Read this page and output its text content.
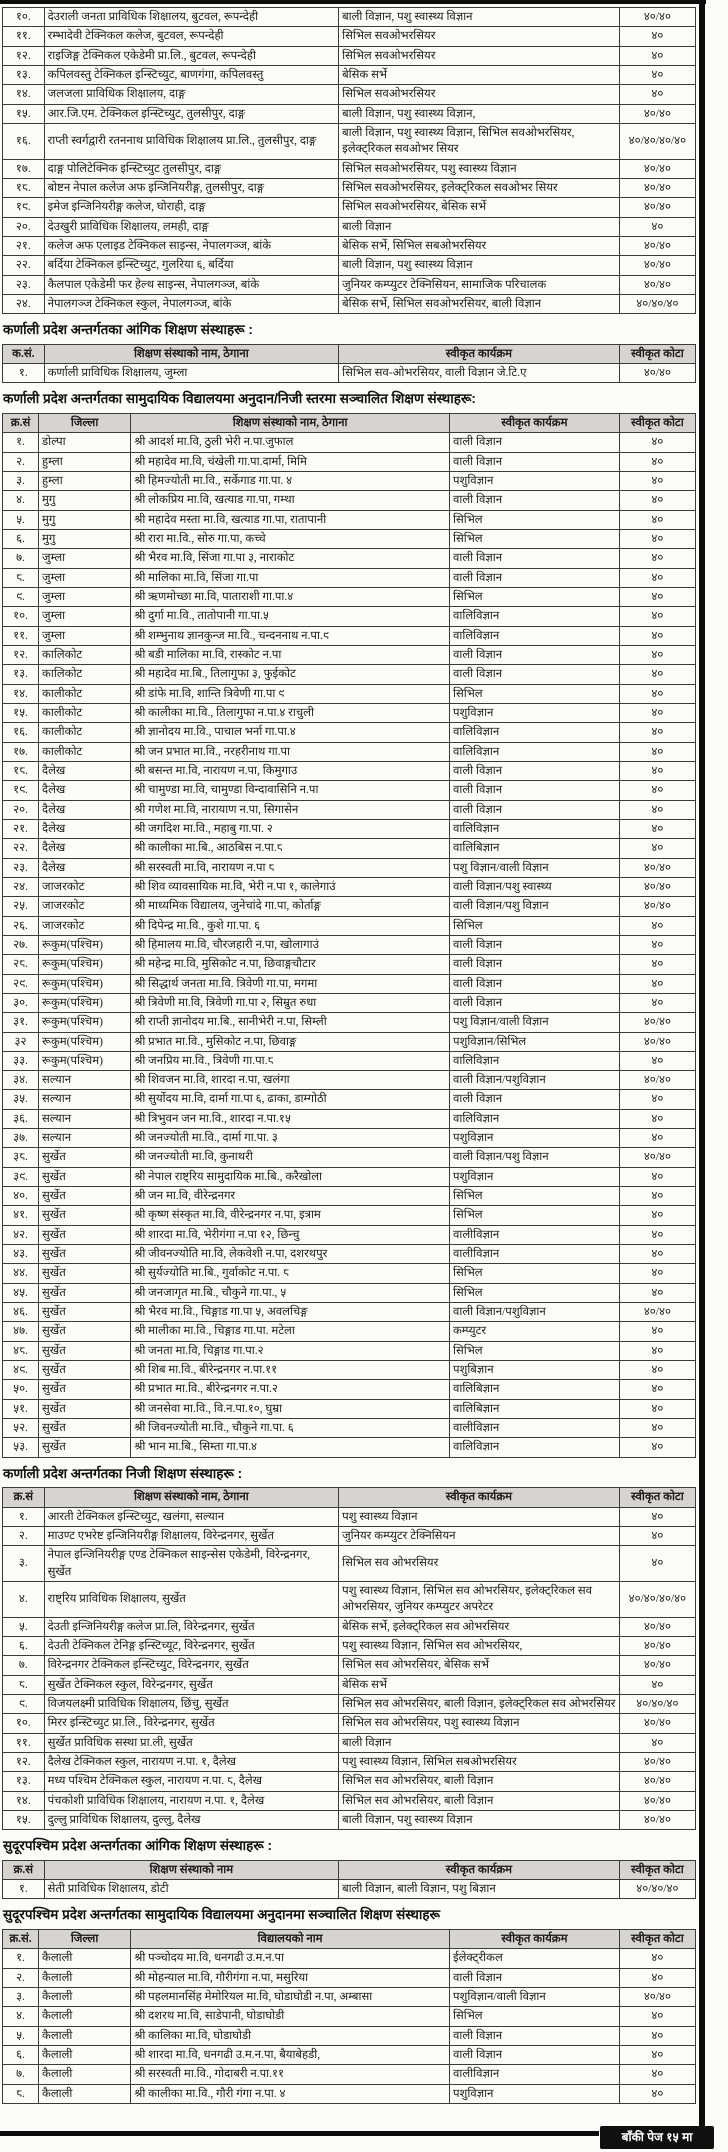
१०.	देउराली जनता प्राविधिक शिक्षालय, बुटवल, रूपन्देही	बाली विज्ञान, पशु स्वास्थ्य विज्ञान	४०/४०
११.	रम्भादेवी टेक्निकल कलेज, बुटवल, रूपन्देही	सिभिल सवओभरसियर	४०
१२.	राइजिङ्ग टेक्निकल एकेडेमी प्रा.लि., बुटवल, रूपन्देही	सिभिल सवओभरसियर	४०
१३.	कपिलवस्तु टेक्निकल इन्स्टिच्युट, बाणगंगा, कपिलवस्तु	बेसिक सर्भे	४०
१४.	जलजला प्राविधिक शिक्षालय, दाङ्ग	सिभिल सवओभरसियर	४०
१५.	आर.जि.एम. टेक्निकल इन्स्टिच्युट, तुलसीपुर, दाङ्ग	बाली विज्ञान, पशु स्वास्थ्य विज्ञान,	४०/४०
१६.	राप्ती स्वर्गद्वारी रतननाथ प्राविधिक शिक्षालय प्रा.लि., तुलसीपुर, दाङ्ग	बाली विज्ञान, पशु स्वास्थ्य विज्ञान, सिभिल सवओभरसियर, इलेक्ट्रिकल सवओभर सियर	४०/४०/४०/४०
१७.	दाङ्ग पोलिटेक्निक इन्स्टिच्युट तुलसीपुर, दाङ्ग	सिभिल सवओभरसियर, पशु स्वास्थ्य विज्ञान	४०/४०
१८.	बोष्टन नेपाल कलेज अफ इन्जिनियरीङ्ग, तुलसीपुर, दाङ्ग	सिभिल सवओभरसियर, इलेक्ट्रिकल सवओभर सियर	४०/४०
१९.	इमेज इन्जिनियरीङ्ग कलेज, घोराही, दाङ्ग	सिभिल सवओभरसियर, बेसिक सर्भे	४०/४०
२०.	देउखुरी प्राविधिक शिक्षालय, लमही, दाङ्ग	बाली विज्ञान	४०
२१.	कलेज अफ एलाइड टेक्निकल साइन्स, नेपालगञ्ज, बांके	बेसिक सर्भे, सिभिल सबओभरसियर	४०/४०
२२.	बर्दिया टेक्निकल इन्स्टिच्युट, गुलरिया ६, बर्दिया	बाली विज्ञान, पशु स्वास्थ्य विज्ञान	४०/४०
२३.	कैलपाल एकेडेमी फर हेल्थ साइन्स, नेपालगञ्ज, बांके	जुनियर कम्प्युटर टेक्निसियन, सामाजिक परिचालक	४०/४०
२४.	नेपालगञ्ज टेक्निकल स्कुल, नेपालगञ्ज, बांके	बेसिक सर्भे, सिभिल सवओभरसियर, बाली विज्ञान	४०/४०/४०
कर्णाली प्रदेश अन्तर्गतका आंगिक शिक्षण संस्थाहरू :
क.सं.	शिक्षण संस्थाको नाम, ठेगाना	स्वीकृत कार्यक्रम	स्वीकृत कोटा
१.	कर्णाली प्राविधिक शिक्षालय, जुम्ला	सिभिल सव-ओभरसियर, वाली विज्ञान जे.टि.ए	४०/४०
कर्णाली प्रदेश अन्तर्गतका सामुदायिक विद्यालयमा अनुदान/निजी स्तरमा सञ्चालित शिक्षण संस्थाहरू:
क्र.सं	जिल्ला	शिक्षण संस्थाको नाम, ठेगाना	स्वीकृत कार्यक्रम	स्वीकृत कोटा
१.	डोल्पा	श्री आदर्श मा.वि, ठुली भेरी न.पा.जुफाल	वाली विज्ञान	४०
२.	हुम्ला	श्री महादेव मा.वि, चंखेली गा.पा.दार्मा, मिमि	वाली विज्ञान	४०
३.	हुम्ला	श्री हिमज्योती मा.वि., सर्केगाड गा.पा. ४	पशुविज्ञान	४०
४.	मुगु	श्री लोकप्रिय मा.वि, खत्याड गा.पा, गम्था	वाली विज्ञान	४०
५.	मुगु	श्री महादेव मस्ता मा.वि, खत्याड गा.पा, रातापानी	सिभिल	४०
६.	मुगु	श्री रारा मा.वि., सोरु गा.पा, कच्चे	सिभिल	४०
७.	जुम्ला	श्री भैरव मा.वि, सिंजा गा.पा ३, नाराकोट	वाली विज्ञान	४०
८.	जुम्ला	श्री मालिका मा.वि, सिंजा गा.पा	वाली विज्ञान	४०
९.	जुम्ला	श्री ऋणमोच्छा मा.वि, पाताराशी गा.पा.४	सिभिल	४०
१०.	जुम्ला	श्री दुर्गा मा.वि., तातोपानी गा.पा.५	वालिविज्ञान	४०
११.	जुम्ला	श्री शम्भुनाथ ज्ञानकुन्ज मा.वि., चन्दननाथ न.पा.९	वालिविज्ञान	४०
१२.	कालिकोट	श्री बडी मालिका मा.वि, रास्कोट न.पा	वाली विज्ञान	४०
१३.	कालिकोट	श्री महादेव मा.बि., तिलागुफा ३, फुईकोट	वाली विज्ञान	४०
१४.	कालीकोट	श्री डांफे मा.वि, शान्ति त्रिवेणी गा.पा ९	सिभिल	४०
१५.	कालीकोट	श्री कालीका मा.वि., तिलागुफा न.पा.४ राचुली	पशुविज्ञान	४०
१६.	कालीकोट	श्री ज्ञानोदय मा.वि., पाचाल भर्ना गा.पा.४	वालिविज्ञान	४०
१७.	कालीकोट	श्री जन प्रभात मा.वि., नरहरीनाथ गा.पा	वालिविज्ञान	४०
१८.	दैलेख	श्री बसन्त मा.वि, नारायण न.पा, किमुगाउ	वाली विज्ञान	४०
१९.	दैलेख	श्री चामुण्डा मा.वि, चामुण्डा विन्दावासिनि न.पा	वाली विज्ञान	४०
२०.	दैलेख	श्री गणेश मा.वि, नारायाण न.पा, सिगासेन	वाली विज्ञान	४०
२१.	दैलेख	श्री जगदिश मा.वि., महाबु गा.पा. २	वालिविज्ञान	४०
२२.	दैलेख	श्री कालीका मा.बि., आठबिस न.पा.८	वालिबिज्ञान	४०
२३.	दैलेख	श्री सरस्वती मा.वि, नारायण न.पा ८	पशु विज्ञान/वाली विज्ञान	४०/४०
२४.	जाजरकोट	श्री शिव व्यावसायिक मा.वि, भेरी न.पा १, कालेगाउं	वाली विज्ञान/पशु स्वास्थ्य	४०/४०
२५.	जाजरकोट	श्री माध्यमिक विद्यालय, जुनेचांदे गा.पा, कोर्ताङ्ग	वाली विज्ञान/पशु विज्ञान	४०/४०
२६.	जाजरकोट	श्री दिपेन्द्र मा.वि., कुशे गा.पा. ६	सिभिल	४०
२७.	रूकुम(पश्चिम)	श्री हिमालय मा.वि, चौरजहारी न.पा, खोलागाउं	वाली विज्ञान	४०
२८.	रूकुम(पश्चिम)	श्री महेन्द्र मा.वि, मुसिकोट न.पा, छिवाङ्गचौटार	वाली विज्ञान	४०
२९.	रूकुम(पश्चिम)	श्री सिद्धार्थ जनता मा.वि. त्रिवेणी गा.पा, मगमा	वाली विज्ञान	४०
३०.	रूकुम(पश्चिम)	श्री त्रिवेणी मा.वि, त्रिवेणी गा.पा २, सिम्रुत रुधा	वाली विज्ञान	४०
३१.	रूकुम(पश्चिम)	श्री राप्ती ज्ञानोदय मा.बि., सानीभेरी न.पा, सिम्ली	पशु विज्ञान/वाली विज्ञान	४०/४०
३२	रूकुम(पश्चिम)	श्री प्रभात मा.वि., मुसिकोट न.पा, छिवाङ्ग	पशुविज्ञान/सिभिल	४०/४०
३३.	रूकुम(पश्चिम)	श्री जनप्रिय मा.वि., त्रिवेणी गा.पा.८	वालिविज्ञान	४०
३४.	सल्यान	श्री शिवजन मा.वि, शारदा न.पा, खलंगा	वाली विज्ञान/पशुविज्ञान	४०/४०
३५.	सल्यान	श्री सुर्योदय मा.वि, दार्मा गा.पा ६, ढाका, डाम्गोठी	वाली विज्ञान	४०
३६.	सल्यान	श्री त्रिभुवन जन मा.वि., शारदा न.पा.१५	वालिविज्ञान	४०
३७.	सल्यान	श्री जनज्योती मा.वि., दार्मा गा.पा. ३	पशुविज्ञान	४०
३८.	सुर्खेत	श्री जनज्योती मा.वि, कुनाथरी	वाली विज्ञान/पशु विज्ञान	४०/४०
३९.	सुर्खेत	श्री नेपाल राष्ट्रिय सामुदायिक मा.बि., करैखोला	पशुविज्ञान	४०
४०.	सुर्खेत	श्री जन मा.वि, वीरेन्द्रनगर	सिभिल	४०
४१.	सुर्खेत	श्री कृष्ण संस्कृत मा.वि, वीरेन्द्रनगर न.पा, इत्राम	सिभिल	४०
४२.	सुर्खेत	श्री शारदा मा.वि, भेरीगंगा न.पा १२, छिन्चु	वालीविज्ञान	४०
४३.	सुर्खेत	श्री जीवनज्योति मा.वि, लेकवेशी न.पा, दशरथपुर	वालीविज्ञान	४०
४४.	सुर्खेत	श्री सुर्यज्योति मा.बि., गुर्वाकोट न.पा. ८	सिभिल	४०
४५.	सुर्खेत	श्री जनजागृत मा.बि., चौकुने गा.पा., ५	सिभिल	४०
४६.	सुर्खेत	श्री भैरव मा.वि., चिङ्गाड गा.पा ५, अवलचिङ्ग	वाली विज्ञान/पशुविज्ञान	४०/४०
४७.	सुर्खेत	श्री मालीका मा.वि., चिङ्गाड गा.पा. मटेला	कम्प्युटर	४०
४८.	सुर्खेत	श्री जनता मा.वि, चिङ्गाड गा.पा.२	सिभिल	४०
४९.	सुर्खेत	श्री शिब मा.वि., बीरेन्द्रनगर न.पा.११	पशुबिज्ञान	४०
५०.	सुर्खेत	श्री प्रभात मा.वि., बीरेन्द्रनगर न.पा.२	वालिबिज्ञान	४०
५१.	सुर्खेत	श्री जनसेवा मा.वि., वि.न.पा.१०, घुम्रा	वालिबिज्ञान	४०
५२.	सुर्खेत	श्री जिवनज्योती मा.वि., चौकुने गा.पा. ६	वालीविज्ञान	४०
५३.	सुर्खेत	श्री भान मा.बि., सिम्ता गा.पा.४	वालिविज्ञान	४०
कर्णाली प्रदेश अन्तर्गतका निजी शिक्षण संस्थाहरू :
क्र.सं	शिक्षण संस्थाको नाम, ठेगाना	स्वीकृत कार्यक्रम	स्वीकृत कोटा
१.	आरती टेक्निकल इन्स्टिच्युट, खलंगा, सल्यान	पशु स्वास्थ्य विज्ञान	४०
२.	माउण्ट एभरेष्ट इन्जिनियरीङ्ग शिक्षालय, विरेन्द्रनगर, सुर्खेत	जुनियर कम्प्युटर टेक्निसियन	४०
३.	नेपाल इन्जिनियरीङ्ग एण्ड टेक्निकल साइन्सेस एकेडेमी, विरेन्द्रनगर, सुर्खेत	सिभिल सव ओभरसियर	४०
४.	राष्ट्रिय प्राविधिक शिक्षालय, सुर्खेत	पशु स्वास्थ्य विज्ञान, सिभिल सव ओभरसियर, इलेक्ट्रिकल सव ओभरसियर, जुनियर कम्प्युटर अपरेटर	४०/४०/४०/४०
५.	देउती इन्जिनियरीङ्ग कलेज प्रा.लि, विरेन्द्रनगर, सुर्खेत	बेसिक सर्भे, इलेक्ट्रिकल सव ओभरसियर	४०/४०
६.	देउती टेक्निकल टेनिङ्ग इन्स्टिच्यूट, विरेन्द्रनगर, सुर्खेत	पशु स्वास्थ्य विज्ञान, सिभिल सव ओभरसियर,	४०/४०
७.	विरेन्द्रनगर टेक्निकल इन्स्टिच्युट, विरेन्द्रनगर, सुर्खेत	सिभिल सव ओभरसियर, बेसिक सर्भे	४०/४०
८.	सुर्खेत टेक्निकल स्कुल, विरेन्द्रनगर, सुर्खेत	बेसिक सर्भे	४०
९.	विजयलक्ष्मी प्राविधिक शिक्षालय, छिंचु, सुर्खेत	सिभिल सव ओभरसियर, बाली विज्ञान, इलेक्ट्रिकल सव ओभरसियर	४०/४०/४०
१०.	मिरर इन्स्टिच्युट प्रा.लि., विरेन्द्रनगर, सुर्खेत	सिभिल सव ओभरसियर, पशु स्वास्थ्य विज्ञान	४०/४०
११.	सुर्खेत प्राविधिक सस्था प्रा.ली, सुर्खेत	बाली विज्ञान	४०
१२.	दैलेख टेक्निकल स्कुल, नारायण न.पा. १, दैलेख	पशु स्वास्थ्य विज्ञान, सिभिल सबओभरसियर	४०/४०
१३.	मध्य पश्चिम टेक्निकल स्कुल, नारायण न.पा. ८, दैलेख	सिभिल सव ओभरसियर, बाली विज्ञान	४०/४०
१४.	पंचकोशी प्राविधिक शिक्षालय, नारायण न.पा. १, दैलेख	सिभिल सव ओभरसियर, बाली विज्ञान	४०/४०
१५.	दुल्लु प्राविधिक शिक्षालय, दुल्लु, दैलेख	बाली विज्ञान, पशु स्वास्थ्य विज्ञान	४०/४०
सुदूरपश्चिम प्रदेश अन्तर्गतका आंगिक शिक्षण संस्थाहरू :
क्र.सं	शिक्षण संस्थाको नाम	स्वीकृत कार्यक्रम	स्वीकृत कोटा
१.	सेती प्राविधिक शिक्षालय, डोटी	बाली विज्ञान, बाली विज्ञान, पशु बिज्ञान	४०/४०/४०
सुदूरपश्चिम प्रदेश अन्तर्गतका सामुदायिक विद्यालयमा अनुदानमा सञ्चालित शिक्षण संस्थाहरू
क्र.सं.	जिल्ला	विद्यालयको नाम	स्वीकृत कार्यक्रम	स्वीकृत कोटा
१.	कैलाली	श्री पञ्चोदय मा.वि, धनगढी उ.म.न.पा	ईलेक्ट्रीकल	४०
२.	कैलाली	श्री मोहन्याल मा.वि, गौरीगंगा न.पा, मसुरिया	वाली विज्ञान	४०
३.	कैलाली	श्री पहलमानसिंह मेमोरियल मा.वि, घोडाघोडी न.पा, अम्बासा	पशुविज्ञान/वाली विज्ञान	४०/४०
४.	कैलाली	श्री दशरथ मा.वि, साडेपानी, घोडाघोडी	सिभिल	४०
५.	कैलाली	श्री कालिका मा.वि, घोडाघोडी	वाली विज्ञान	४०
६.	कैलाली	श्री शारदा मा.वि, धनगढी उ.म.न.पा, बैयाबेहडी,	वाली विज्ञान	४०
७.	कैलाली	श्री सरस्वती मा.वि., गोदाबरी न.पा.११	वालीविज्ञान	४०
८.	कैलाली	श्री कालीका मा.वि., गौरी गंगा न.पा. ४	पशुविज्ञान	४०
बाँकी पेज १५ मा
